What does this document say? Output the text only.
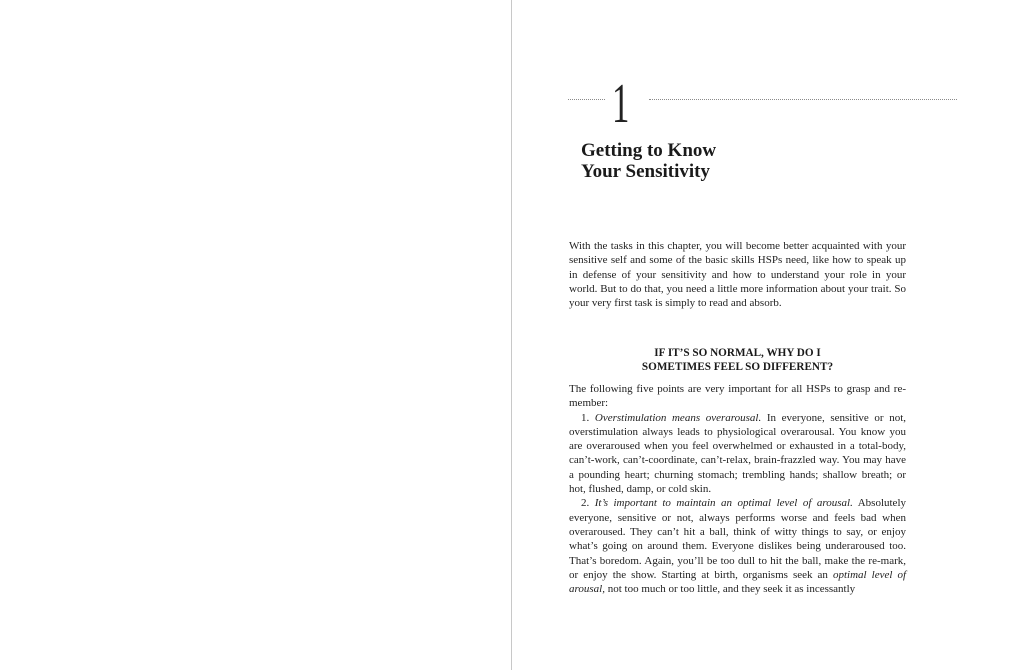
1
Getting to Know
Your Sensitivity
With the tasks in this chapter, you will become better acquainted with your sensitive self and some of the basic skills HSPs need, like how to speak up in defense of your sensitivity and how to understand your role in your world. But to do that, you need a little more information about your trait. So your very first task is simply to read and absorb.
IF IT’S SO NORMAL, WHY DO I
SOMETIMES FEEL SO DIFFERENT?

The following five points are very important for all HSPs to grasp and re-member:

1. Overstimulation means overarousal. In everyone, sensitive or not, overstimulation always leads to physiological overarousal. You know you are overaroused when you feel overwhelmed or exhausted in a total-body, can’t-work, can’t-coordinate, can’t-relax, brain-frazzled way. You may have a pounding heart; churning stomach; trembling hands; shallow breath; or hot, flushed, damp, or cold skin.

2. It’s important to maintain an optimal level of arousal. Absolutely everyone, sensitive or not, always performs worse and feels bad when overaroused. They can’t hit a ball, think of witty things to say, or enjoy what’s going on around them. Everyone dislikes being underaroused too. That’s boredom. Again, you’ll be too dull to hit the ball, make the re-mark, or enjoy the show. Starting at birth, organisms seek an optimal level of arousal, not too much or too little, and they seek it as incessantly
